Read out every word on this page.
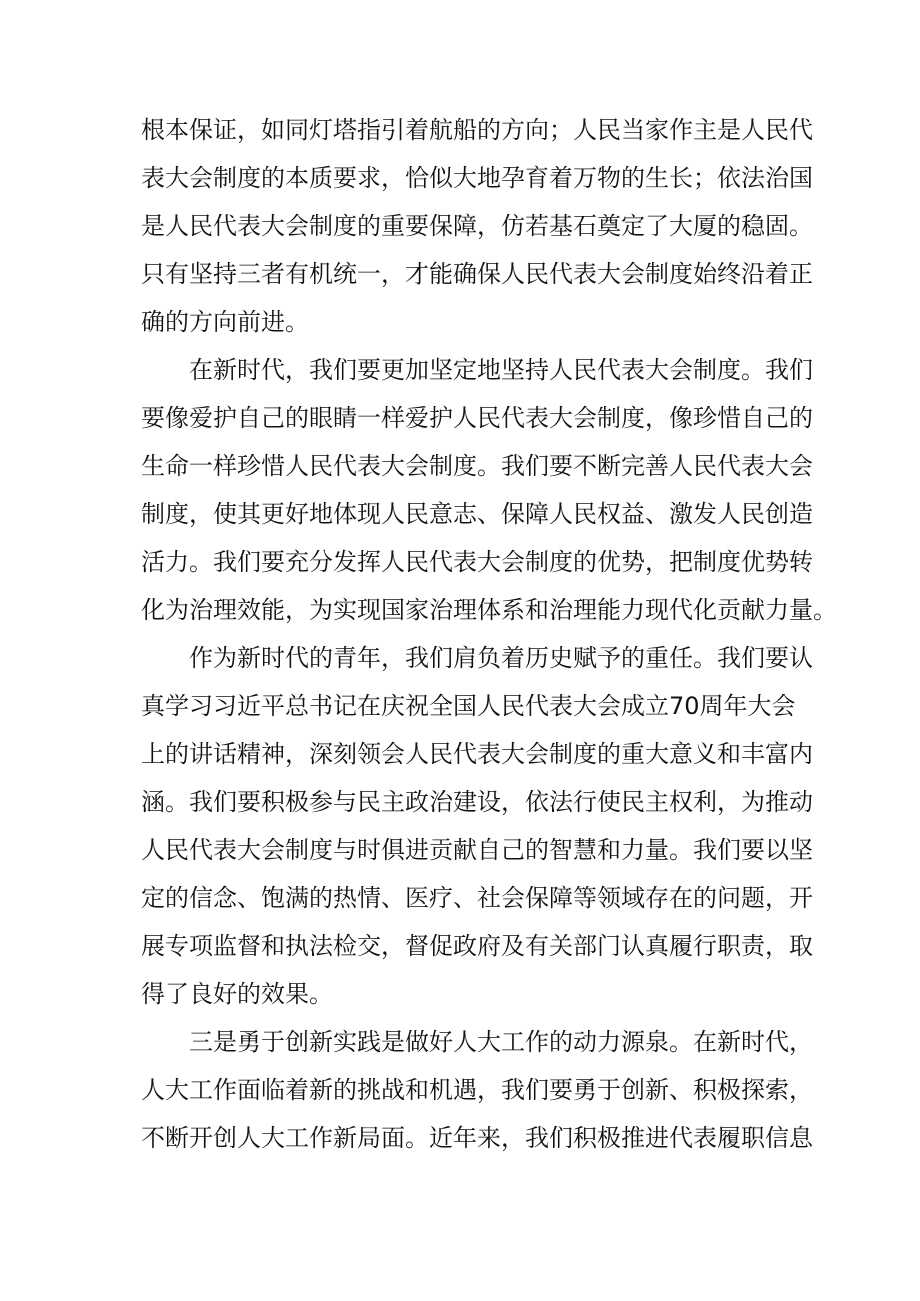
根本保证，如同灯塔指引着航船的方向；人民当家作主是人民代
表大会制度的本质要求，恰似大地孕育着万物的生长；依法治国
是人民代表大会制度的重要保障，仿若基石奠定了大厦的稳固。
只有坚持三者有机统一，才能确保人民代表大会制度始终沿着正
确的方向前进。
在新时代，我们要更加坚定地坚持人民代表大会制度。我们
要像爱护自己的眼睛一样爱护人民代表大会制度，像珍惜自己的
生命一样珍惜人民代表大会制度。我们要不断完善人民代表大会
制度，使其更好地体现人民意志、保障人民权益、激发人民创造
活力。我们要充分发挥人民代表大会制度的优势，把制度优势转
化为治理效能，为实现国家治理体系和治理能力现代化贡献力量。
作为新时代的青年，我们肩负着历史赋予的重任。我们要认
真学习习近平总书记在庆祝全国人民代表大会成立70周年大会
上的讲话精神，深刻领会人民代表大会制度的重大意义和丰富内
涵。我们要积极参与民主政治建设，依法行使民主权利，为推动
人民代表大会制度与时俱进贡献自己的智慧和力量。我们要以坚
定的信念、饱满的热情、医疗、社会保障等领域存在的问题，开
展专项监督和执法检交，督促政府及有关部门认真履行职责，取
得了良好的效果。
三是勇于创新实践是做好人大工作的动力源泉。在新时代，
人大工作面临着新的挑战和机遇，我们要勇于创新、积极探索，
不断开创人大工作新局面。近年来，我们积极推进代表履职信息
